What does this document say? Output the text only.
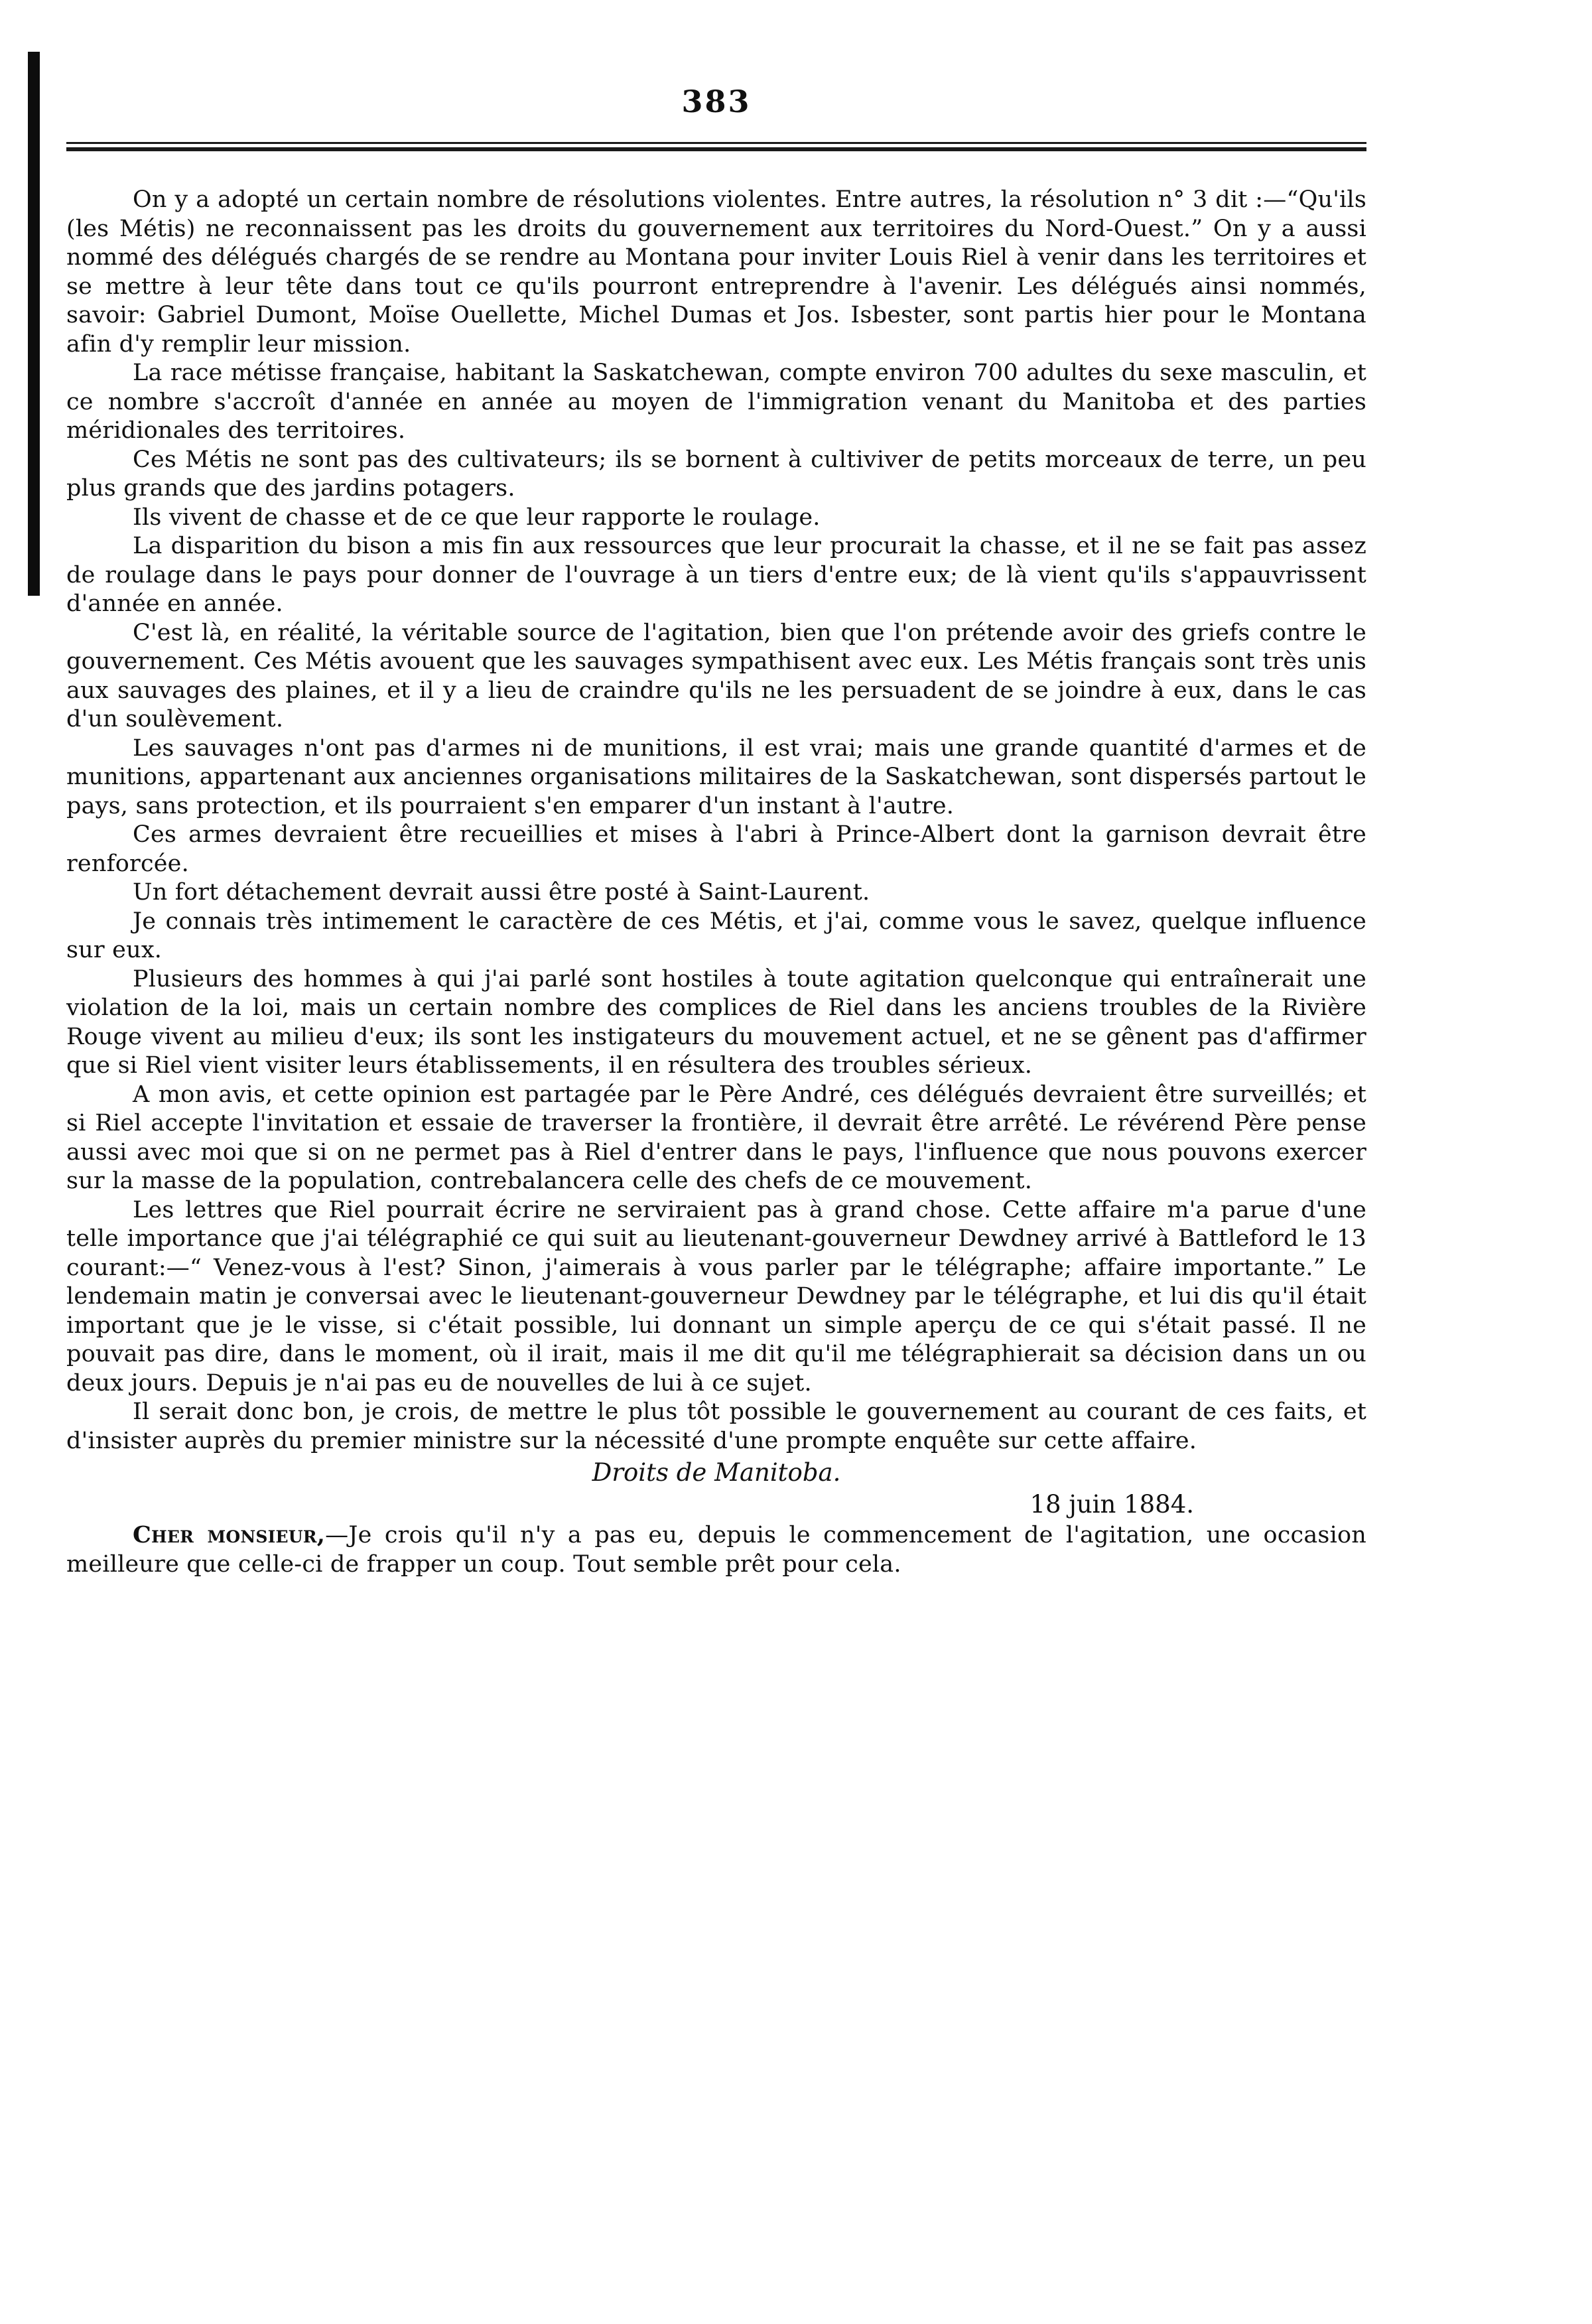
383

On y a adopté un certain nombre de résolutions violentes. Entre autres, la résolution n° 3 dit :—“Qu'ils (les Métis) ne reconnaissent pas les droits du gouvernement aux territoires du Nord-Ouest.” On y a aussi nommé des délégués chargés de se rendre au Montana pour inviter Louis Riel à venir dans les territoires et se mettre à leur tête dans tout ce qu'ils pourront entreprendre à l'avenir. Les délégués ainsi nommés, savoir: Gabriel Dumont, Moïse Ouellette, Michel Dumas et Jos. Isbester, sont partis hier pour le Montana afin d'y remplir leur mission.

La race métisse française, habitant la Saskatchewan, compte environ 700 adultes du sexe masculin, et ce nombre s'accroît d'année en année au moyen de l'immigration venant du Manitoba et des parties méridionales des territoires.

Ces Métis ne sont pas des cultivateurs; ils se bornent à cultiviver de petits morceaux de terre, un peu plus grands que des jardins potagers.

Ils vivent de chasse et de ce que leur rapporte le roulage.

La disparition du bison a mis fin aux ressources que leur procurait la chasse, et il ne se fait pas assez de roulage dans le pays pour donner de l'ouvrage à un tiers d'entre eux; de là vient qu'ils s'appauvrissent d'année en année.

C'est là, en réalité, la véritable source de l'agitation, bien que l'on prétende avoir des griefs contre le gouvernement. Ces Métis avouent que les sauvages sympathisent avec eux. Les Métis français sont très unis aux sauvages des plaines, et il y a lieu de craindre qu'ils ne les persuadent de se joindre à eux, dans le cas d'un soulèvement.

Les sauvages n'ont pas d'armes ni de munitions, il est vrai; mais une grande quantité d'armes et de munitions, appartenant aux anciennes organisations militaires de la Saskatchewan, sont dispersés partout le pays, sans protection, et ils pourraient s'en emparer d'un instant à l'autre.

Ces armes devraient être recueillies et mises à l'abri à Prince-Albert dont la garnison devrait être renforcée.

Un fort détachement devrait aussi être posté à Saint-Laurent.

Je connais très intimement le caractère de ces Métis, et j'ai, comme vous le savez, quelque influence sur eux.

Plusieurs des hommes à qui j'ai parlé sont hostiles à toute agitation quelconque qui entraînerait une violation de la loi, mais un certain nombre des complices de Riel dans les anciens troubles de la Rivière Rouge vivent au milieu d'eux; ils sont les instigateurs du mouvement actuel, et ne se gênent pas d'affirmer que si Riel vient visiter leurs établissements, il en résultera des troubles sérieux.

A mon avis, et cette opinion est partagée par le Père André, ces délégués devraient être surveillés; et si Riel accepte l'invitation et essaie de traverser la frontière, il devrait être arrêté. Le révérend Père pense aussi avec moi que si on ne permet pas à Riel d'entrer dans le pays, l'influence que nous pouvons exercer sur la masse de la population, contrebalancera celle des chefs de ce mouvement.

Les lettres que Riel pourrait écrire ne serviraient pas à grand chose. Cette affaire m'a parue d'une telle importance que j'ai télégraphié ce qui suit au lieutenant-gouverneur Dewdney arrivé à Battleford le 13 courant:—“ Venez-vous à l'est? Sinon, j'aimerais à vous parler par le télégraphe; affaire importante.” Le lendemain matin je conversai avec le lieutenant-gouverneur Dewdney par le télégraphe, et lui dis qu'il était important que je le visse, si c'était possible, lui donnant un simple aperçu de ce qui s'était passé. Il ne pouvait pas dire, dans le moment, où il irait, mais il me dit qu'il me télégraphierait sa décision dans un ou deux jours. Depuis je n'ai pas eu de nouvelles de lui à ce sujet.

Il serait donc bon, je crois, de mettre le plus tôt possible le gouvernement au courant de ces faits, et d'insister auprès du premier ministre sur la nécessité d'une prompte enquête sur cette affaire.

Droits de Manitoba.
18 juin 1884.

Cher monsieur,—Je crois qu'il n'y a pas eu, depuis le commencement de l'agitation, une occasion meilleure que celle-ci de frapper un coup. Tout semble prêt pour cela.
